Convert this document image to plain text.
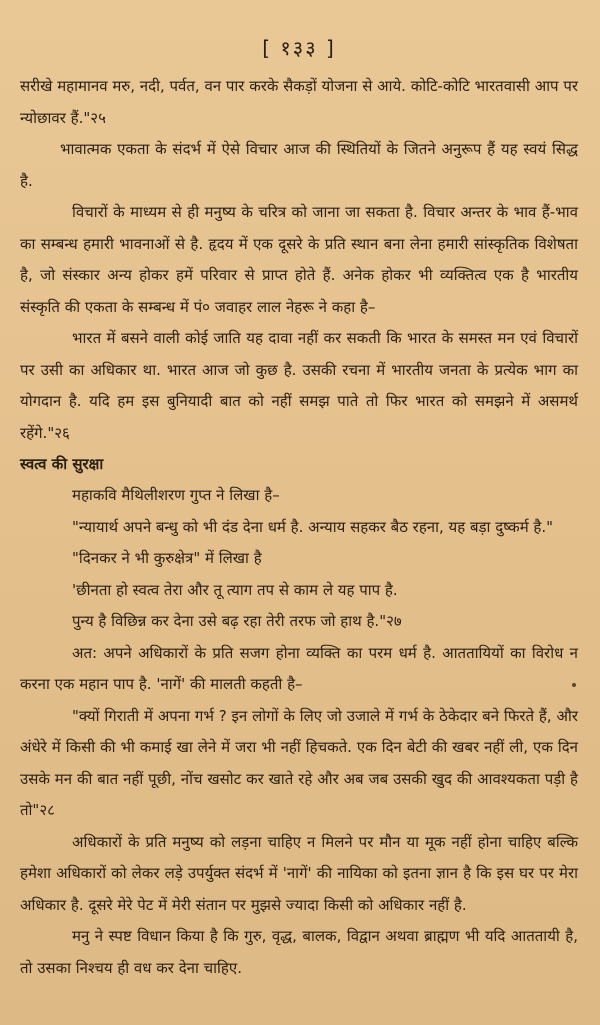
[ १३३ ]

सरीखे महामानव मरु, नदी, पर्वत, वन पार करके सैकड़ों योजना से आये. कोटि-कोटि भारतवासी आप पर न्योछावर हैं."२५

भावात्मक एकता के संदर्भ में ऐसे विचार आज की स्थितियों के जितने अनुरूप हैं यह स्वयं सिद्ध है.

विचारों के माध्यम से ही मनुष्य के चरित्र को जाना जा सकता है. विचार अन्तर के भाव हैं-भाव का सम्बन्ध हमारी भावनाओं से है. हृदय में एक दूसरे के प्रति स्थान बना लेना हमारी सांस्कृतिक विशेषता है, जो संस्कार अन्य होकर हमें परिवार से प्राप्त होते हैं. अनेक होकर भी व्यक्तित्व एक है भारतीय संस्कृति की एकता के सम्बन्ध में पं० जवाहर लाल नेहरू ने कहा है–

भारत में बसने वाली कोई जाति यह दावा नहीं कर सकती कि भारत के समस्त मन एवं विचारों पर उसी का अधिकार था. भारत आज जो कुछ है. उसकी रचना में भारतीय जनता के प्रत्येक भाग का योगदान है. यदि हम इस बुनियादी बात को नहीं समझ पाते तो फिर भारत को समझने में असमर्थ रहेंगे."२६

स्वत्व की सुरक्षा

महाकवि मैथिलीशरण गुप्त ने लिखा है–

"न्यायार्थ अपने बन्धु को भी दंड देना धर्म है. अन्याय सहकर बैठ रहना, यह बड़ा दुष्कर्म है."

"दिनकर ने भी कुरुक्षेत्र" में लिखा है

'छीनता हो स्वत्व तेरा और तू त्याग तप से काम ले यह पाप है.

पुन्य है विछिन्न कर देना उसे बढ़ रहा तेरी तरफ जो हाथ है."२७

अत: अपने अधिकारों के प्रति सजग होना व्यक्ति का परम धर्म है. आततायियों का विरोध न करना एक महान पाप है. 'नागें' की मालती कहती है–

"क्यों गिराती में अपना गर्भ ? इन लोगों के लिए जो उजाले में गर्भ के ठेकेदार बने फिरते हैं, और अंधेरे में किसी की भी कमाई खा लेने में जरा भी नहीं हिचकते. एक दिन बेटी की खबर नहीं ली, एक दिन उसके मन की बात नहीं पूछी, नोंच खसोट कर खाते रहे और अब जब उसकी खुद की आवश्यकता पड़ी है तो"२८

अधिकारों के प्रति मनुष्य को लड़ना चाहिए न मिलने पर मौन या मूक नहीं होना चाहिए बल्कि हमेशा अधिकारों को लेकर लड़े उपर्युक्त संदर्भ में 'नागें' की नायिका को इतना ज्ञान है कि इस घर पर मेरा अधिकार है. दूसरे मेरे पेट में मेरी संतान पर मुझसे ज्यादा किसी को अधिकार नहीं है.

मनु ने स्पष्ट विधान किया है कि गुरु, वृद्ध, बालक, विद्वान अथवा ब्राह्मण भी यदि आततायी है, तो उसका निश्चय ही वध कर देना चाहिए.
